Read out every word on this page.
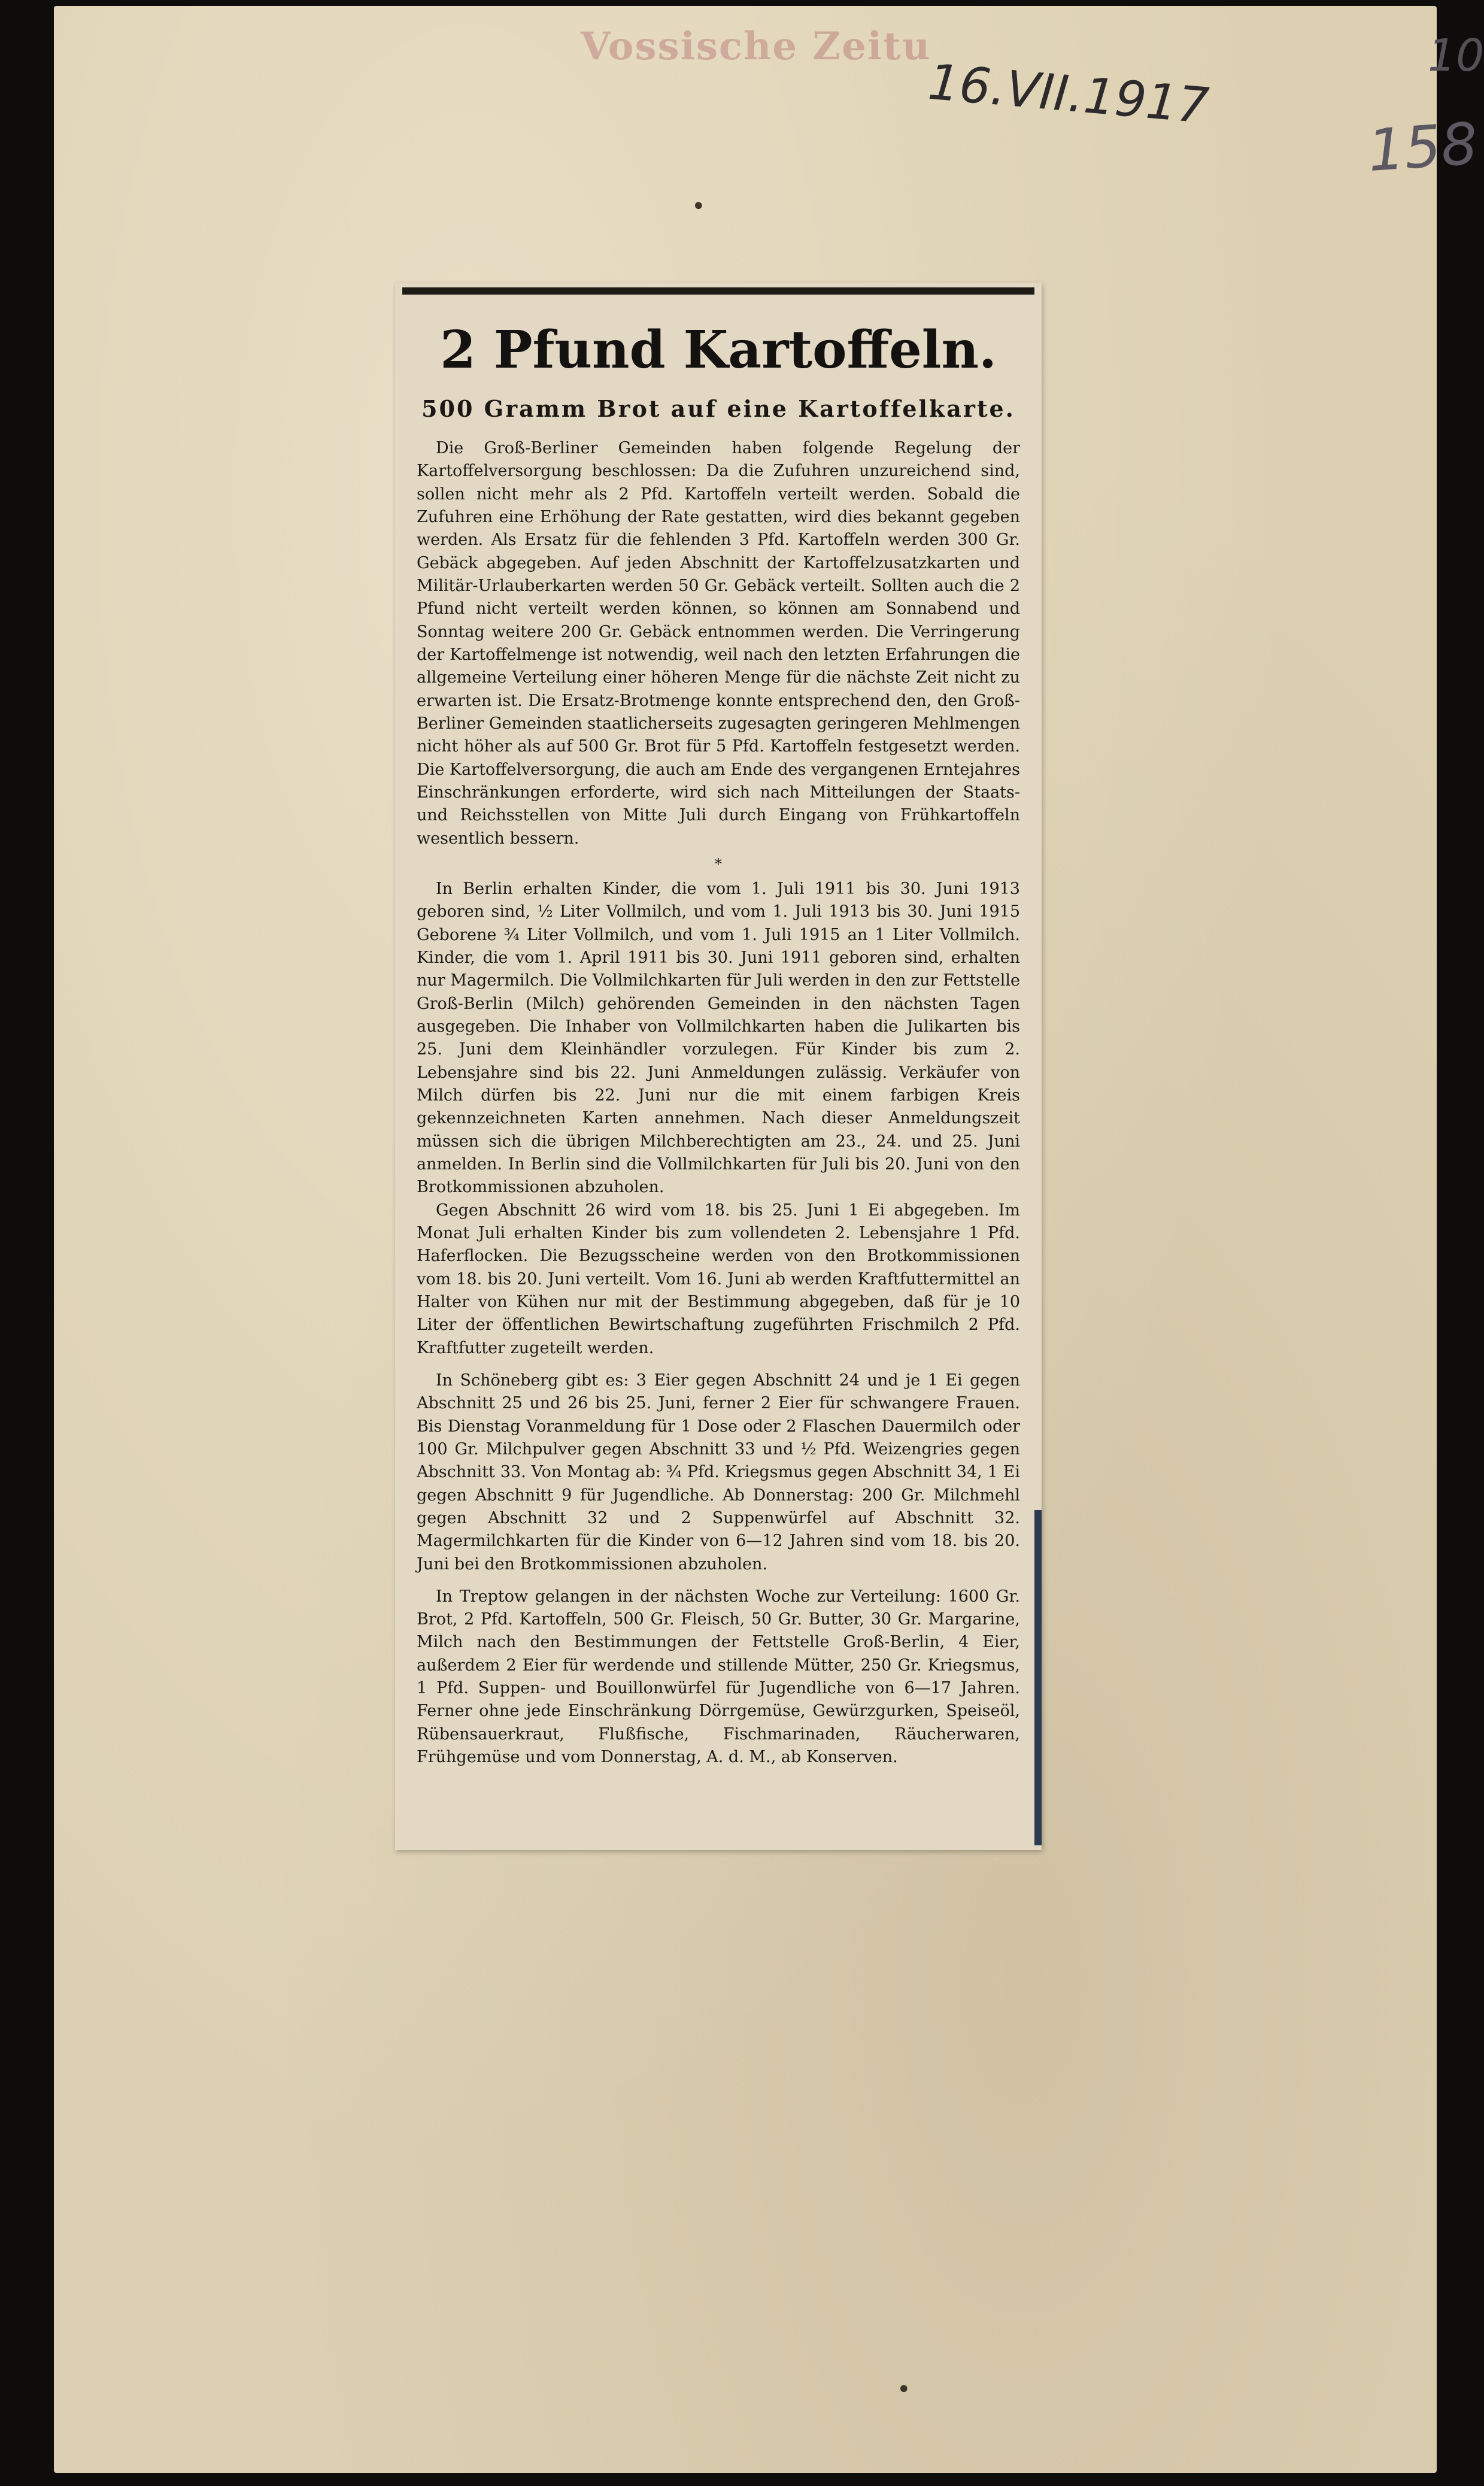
Vossische Zeitu
16.VII.1917	10
158
•
•
2 Pfund Kartoffeln.
500 Gramm Brot auf eine Kartoffelkarte.

Die Groß-Berliner Gemeinden haben folgende Regelung der Kartoffelversorgung beschlossen: Da die Zufuhren unzureichend sind, sollen nicht mehr als 2 Pfd. Kartoffeln verteilt werden. Sobald die Zufuhren eine Erhöhung der Rate gestatten, wird dies bekannt gegeben werden. Als Ersatz für die fehlenden 3 Pfd. Kartoffeln werden 300 Gr. Gebäck abgegeben. Auf jeden Abschnitt der Kartoffelzusatzkarten und Militär-Urlauberkarten werden 50 Gr. Gebäck verteilt. Sollten auch die 2 Pfund nicht verteilt werden können, so können am Sonnabend und Sonntag weitere 200 Gr. Gebäck entnommen werden. Die Verringerung der Kartoffelmenge ist notwendig, weil nach den letzten Erfahrungen die allgemeine Verteilung einer höheren Menge für die nächste Zeit nicht zu erwarten ist. Die Ersatz-Brotmenge konnte entsprechend den, den Groß-Berliner Gemeinden staatlicherseits zugesagten geringeren Mehlmengen nicht höher als auf 500 Gr. Brot für 5 Pfd. Kartoffeln festgesetzt werden. Die Kartoffelversorgung, die auch am Ende des vergangenen Erntejahres Einschränkungen erforderte, wird sich nach Mitteilungen der Staats- und Reichsstellen von Mitte Juli durch Eingang von Frühkartoffeln wesentlich bessern.

*

In Berlin erhalten Kinder, die vom 1. Juli 1911 bis 30. Juni 1913 geboren sind, ½ Liter Vollmilch, und vom 1. Juli 1913 bis 30. Juni 1915 Geborene ¾ Liter Vollmilch, und vom 1. Juli 1915 an 1 Liter Vollmilch. Kinder, die vom 1. April 1911 bis 30. Juni 1911 geboren sind, erhalten nur Magermilch. Die Vollmilchkarten für Juli werden in den zur Fettstelle Groß-Berlin (Milch) gehörenden Gemeinden in den nächsten Tagen ausgegeben. Die Inhaber von Vollmilchkarten haben die Julikarten bis 25. Juni dem Kleinhändler vorzulegen. Für Kinder bis zum 2. Lebensjahre sind bis 22. Juni Anmeldungen zulässig. Verkäufer von Milch dürfen bis 22. Juni nur die mit einem farbigen Kreis gekennzeichneten Karten annehmen. Nach dieser Anmeldungszeit müssen sich die übrigen Milchberechtigten am 23., 24. und 25. Juni anmelden. In Berlin sind die Vollmilchkarten für Juli bis 20. Juni von den Brotkommissionen abzuholen.

Gegen Abschnitt 26 wird vom 18. bis 25. Juni 1 Ei abgegeben. Im Monat Juli erhalten Kinder bis zum vollendeten 2. Lebensjahre 1 Pfd. Haferflocken. Die Bezugsscheine werden von den Brotkommissionen vom 18. bis 20. Juni verteilt. Vom 16. Juni ab werden Kraftfuttermittel an Halter von Kühen nur mit der Bestimmung abgegeben, daß für je 10 Liter der öffentlichen Bewirtschaftung zugeführten Frischmilch 2 Pfd. Kraftfutter zugeteilt werden.

In Schöneberg gibt es: 3 Eier gegen Abschnitt 24 und je 1 Ei gegen Abschnitt 25 und 26 bis 25. Juni, ferner 2 Eier für schwangere Frauen. Bis Dienstag Voranmeldung für 1 Dose oder 2 Flaschen Dauermilch oder 100 Gr. Milchpulver gegen Abschnitt 33 und ½ Pfd. Weizengries gegen Abschnitt 33. Von Montag ab: ¾ Pfd. Kriegsmus gegen Abschnitt 34, 1 Ei gegen Abschnitt 9 für Jugendliche. Ab Donnerstag: 200 Gr. Milchmehl gegen Abschnitt 32 und 2 Suppenwürfel auf Abschnitt 32. Magermilchkarten für die Kinder von 6—12 Jahren sind vom 18. bis 20. Juni bei den Brotkommissionen abzuholen.

In Treptow gelangen in der nächsten Woche zur Verteilung: 1600 Gr. Brot, 2 Pfd. Kartoffeln, 500 Gr. Fleisch, 50 Gr. Butter, 30 Gr. Margarine, Milch nach den Bestimmungen der Fettstelle Groß-Berlin, 4 Eier, außerdem 2 Eier für werdende und stillende Mütter, 250 Gr. Kriegsmus, 1 Pfd. Suppen- und Bouillonwürfel für Jugendliche von 6—17 Jahren. Ferner ohne jede Einschränkung Dörrgemüse, Gewürzgurken, Speiseöl, Rübensauerkraut, Flußfische, Fischmarinaden, Räucherwaren, Frühgemüse und vom Donnerstag, A. d. M., ab Konserven.
